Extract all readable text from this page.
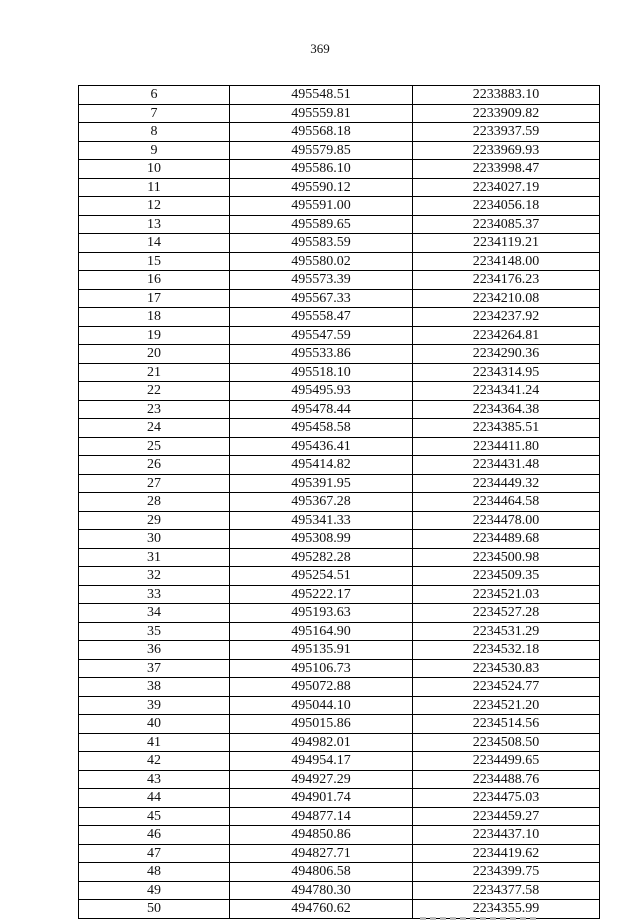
369
6	495548.51	2233883.10
7	495559.81	2233909.82
8	495568.18	2233937.59
9	495579.85	2233969.93
10	495586.10	2233998.47
11	495590.12	2234027.19
12	495591.00	2234056.18
13	495589.65	2234085.37
14	495583.59	2234119.21
15	495580.02	2234148.00
16	495573.39	2234176.23
17	495567.33	2234210.08
18	495558.47	2234237.92
19	495547.59	2234264.81
20	495533.86	2234290.36
21	495518.10	2234314.95
22	495495.93	2234341.24
23	495478.44	2234364.38
24	495458.58	2234385.51
25	495436.41	2234411.80
26	495414.82	2234431.48
27	495391.95	2234449.32
28	495367.28	2234464.58
29	495341.33	2234478.00
30	495308.99	2234489.68
31	495282.28	2234500.98
32	495254.51	2234509.35
33	495222.17	2234521.03
34	495193.63	2234527.28
35	495164.90	2234531.29
36	495135.91	2234532.18
37	495106.73	2234530.83
38	495072.88	2234524.77
39	495044.10	2234521.20
40	495015.86	2234514.56
41	494982.01	2234508.50
42	494954.17	2234499.65
43	494927.29	2234488.76
44	494901.74	2234475.03
45	494877.14	2234459.27
46	494850.86	2234437.10
47	494827.71	2234419.62
48	494806.58	2234399.75
49	494780.30	2234377.58
50	494760.62	2234355.99
